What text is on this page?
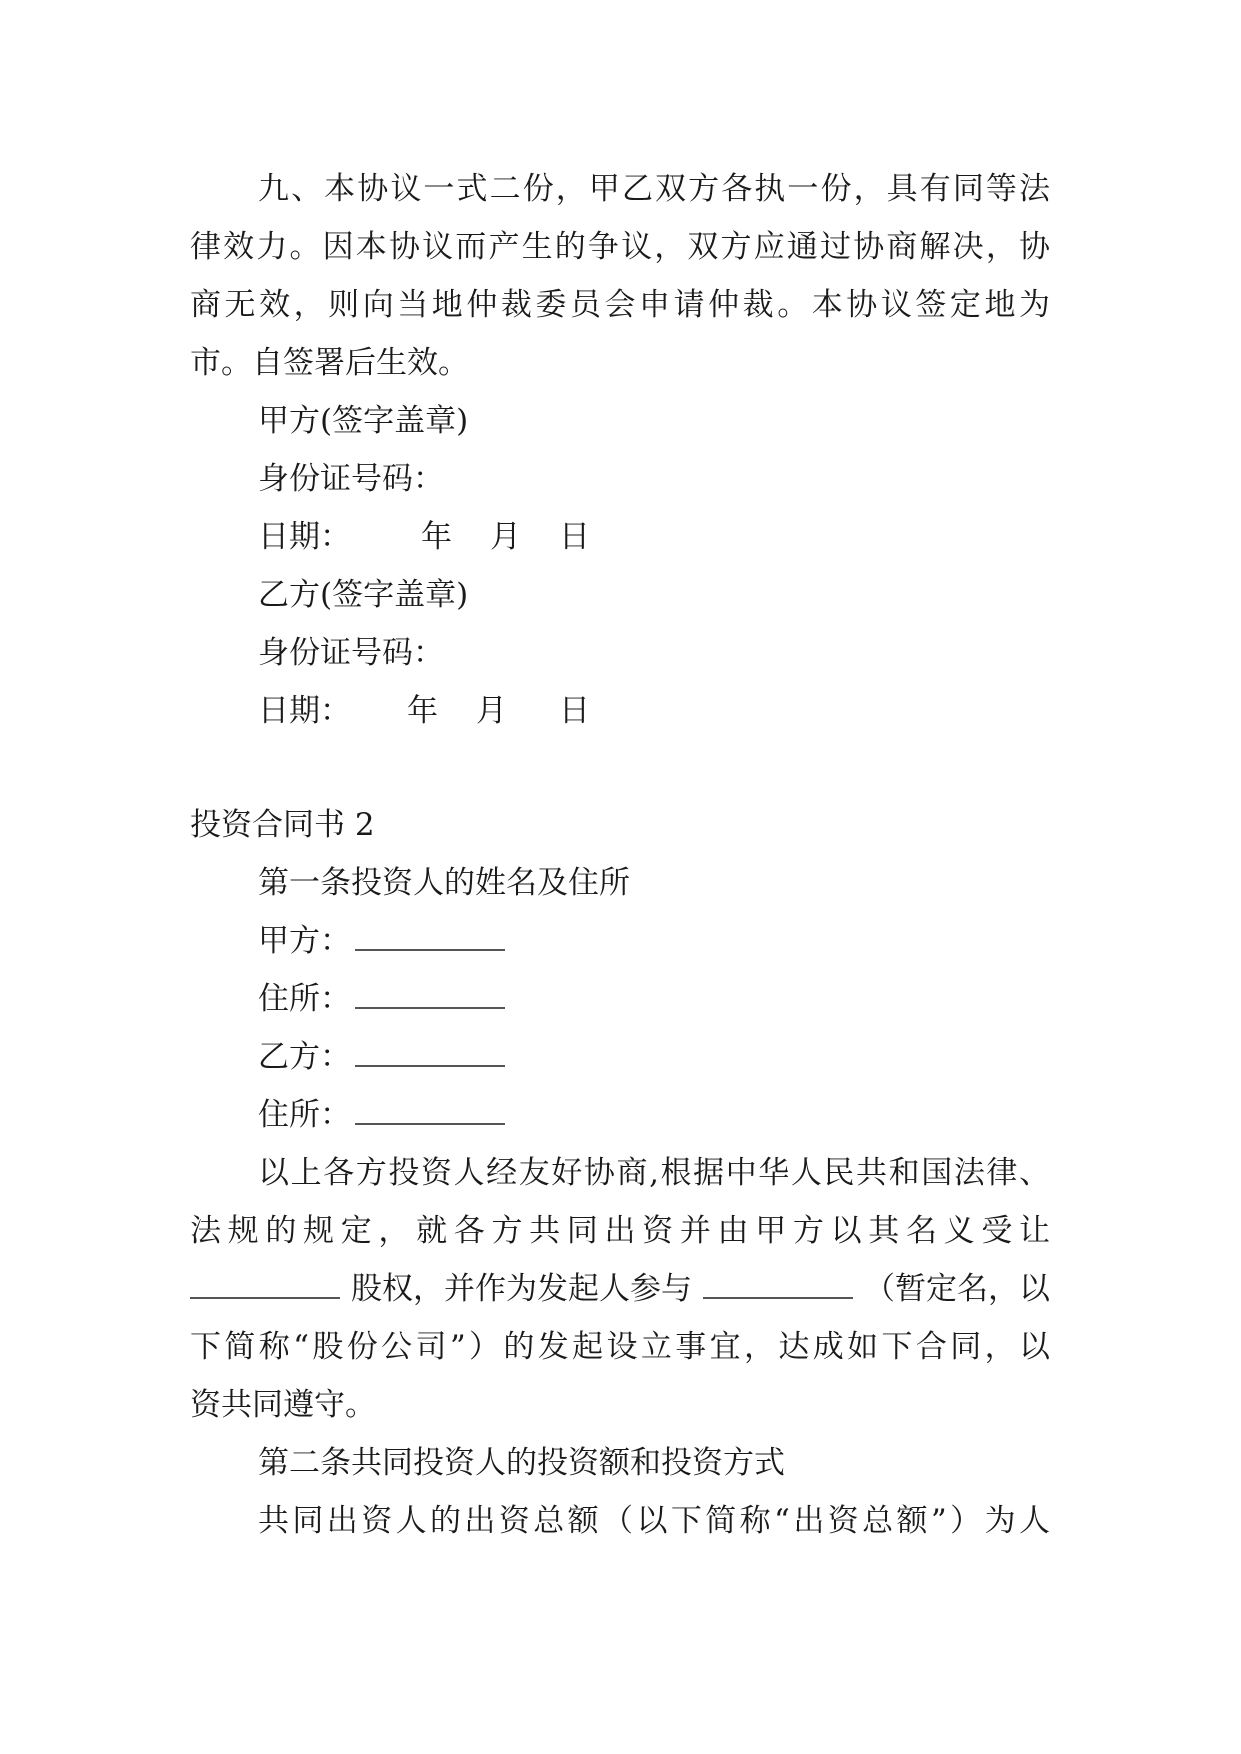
九、本协议一式二份，甲乙双方各执一份，具有同等法
律效力。因本协议而产生的争议，双方应通过协商解决，协
商无效，则向当地仲裁委员会申请仲裁。本协议签定地为
市。自签署后生效。
甲方(签字盖章)
身份证号码：
日期： 年 月 日
乙方(签字盖章)
身份证号码：
日期： 年 月 日
投资合同书 2
第一条投资人的姓名及住所
甲方：
住所：
乙方：
住所：
以上各方投资人经友好协商,根据中华人民共和国法律、
法规的规定，就各方共同出资并由甲方以其名义受让
股权，并作为发起人参与	（暂定名，以
下简称“股份公司”）的发起设立事宜，达成如下合同，以
资共同遵守。
第二条共同投资人的投资额和投资方式
共同出资人的出资总额（以下简称“出资总额”）为人
